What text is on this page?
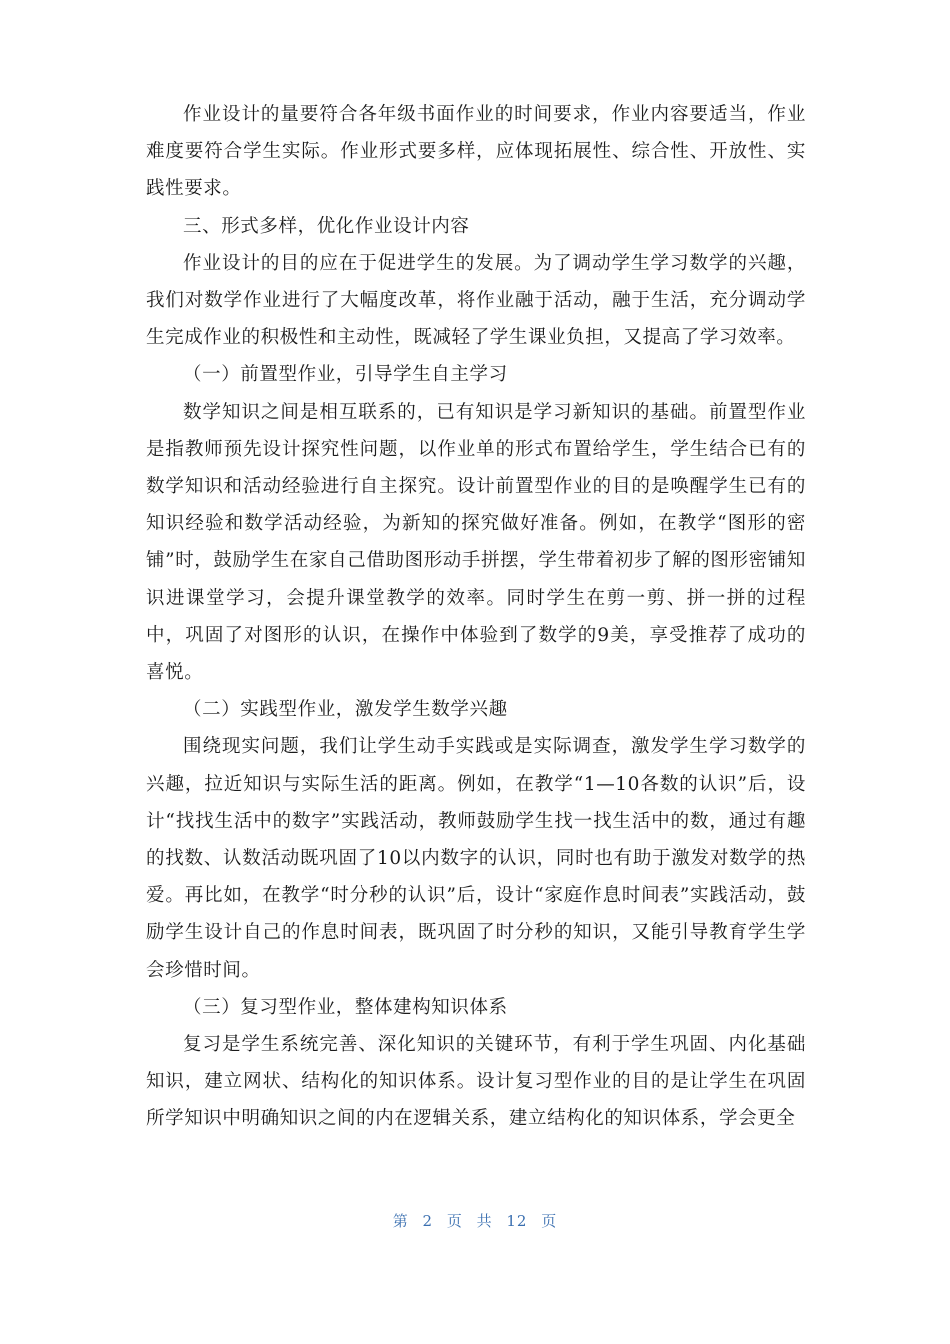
作业设计的量要符合各年级书面作业的时间要求，作业内容要适当，作业难度要符合学生实际。作业形式要多样，应体现拓展性、综合性、开放性、实践性要求。

三、形式多样，优化作业设计内容

作业设计的目的应在于促进学生的发展。为了调动学生学习数学的兴趣，我们对数学作业进行了大幅度改革，将作业融于活动，融于生活，充分调动学生完成作业的积极性和主动性，既减轻了学生课业负担，又提高了学习效率。

（一）前置型作业，引导学生自主学习

数学知识之间是相互联系的，已有知识是学习新知识的基础。前置型作业是指教师预先设计探究性问题，以作业单的形式布置给学生，学生结合已有的数学知识和活动经验进行自主探究。设计前置型作业的目的是唤醒学生已有的知识经验和数学活动经验，为新知的探究做好准备。例如，在教学“图形的密铺”时，鼓励学生在家自己借助图形动手拼摆，学生带着初步了解的图形密铺知识进课堂学习，会提升课堂教学的效率。同时学生在剪一剪、拼一拼的过程中，巩固了对图形的认识，在操作中体验到了数学的9美，享受推荐了成功的喜悦。

（二）实践型作业，激发学生数学兴趣

围绕现实问题，我们让学生动手实践或是实际调查，激发学生学习数学的兴趣，拉近知识与实际生活的距离。例如，在教学“1—10各数的认识”后，设计“找找生活中的数字”实践活动，教师鼓励学生找一找生活中的数，通过有趣的找数、认数活动既巩固了10以内数字的认识，同时也有助于激发对数学的热爱。再比如，在教学“时分秒的认识”后，设计“家庭作息时间表”实践活动，鼓励学生设计自己的作息时间表，既巩固了时分秒的知识，又能引导教育学生学会珍惜时间。

（三）复习型作业，整体建构知识体系

复习是学生系统完善、深化知识的关键环节，有利于学生巩固、内化基础知识，建立网状、结构化的知识体系。设计复习型作业的目的是让学生在巩固所学知识中明确知识之间的内在逻辑关系，建立结构化的知识体系，学会更全

第 2 页 共 12 页
